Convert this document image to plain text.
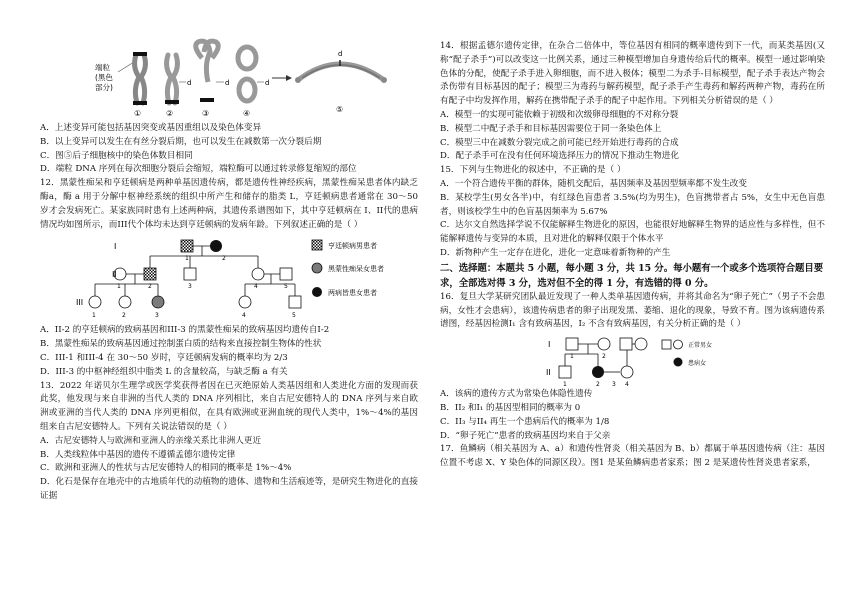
端粒
(黑色
部分)
①	②	③	④	⑤
d	d	d
d

A．上述变异可能包括基因突变或基因重组以及染色体变异

B．以上变异可以发生在有丝分裂后期，也可以发生在减数第一次分裂后期

C．图⑤后子细胞核中的染色体数目相同

D．端粒 DNA 序列在每次细胞分裂后会缩短，端粒酶可以通过转录修复缩短的部位

12．黑蒙性痴呆和亨廷顿病是两种单基因遗传病，都是遗传性神经疾病，黑蒙性痴呆患者体内缺乏酶a，酶 a 用于分解中枢神经系统的组织中所产生和储存的脂类 L，亨廷顿病患者通常在 30～50 岁才会发病死亡。某家族同时患有上述两种病，其遗传系谱图如下，其中亨廷顿病在 I、II代的患病情况均如图所示，而III代个体均未达到亨廷顿病的发病年龄。下列叙述正确的是（ ）

I
II
III
1	2
1	2	3	4	5
1	2	3	4	5
亨廷顿病男患者
黑蒙性痴呆女患者
两病皆患女患者

A．II-2 的亨廷顿病的致病基因和III-3 的黑蒙性痴呆的致病基因均遗传自I-2

B．黑蒙性痴呆的致病基因通过控制蛋白质的结构来直接控制生物体的性状

C．III-1 和III-4 在 30～50 岁时，亨廷顿病发病的概率均为 2/3

D．III-3 的中枢神经组织中脂类 L 的含量较高，与缺乏酶 a 有关

13．2022 年诺贝尔生理学或医学奖获得者因在已灭绝原始人类基因组和人类进化方面的发现而获此奖，他发现与来自非洲的当代人类的 DNA 序列相比，来自古尼安德特人的 DNA 序列与来自欧洲或亚洲的当代人类的 DNA 序列更相似，在具有欧洲或亚洲血统的现代人类中，1%～4%的基因组来自古尼安德特人。下列有关说法错误的是（ ）

A．古尼安德特人与欧洲和亚洲人的亲缘关系比非洲人更近

B．人类线粒体中基因的遗传不遵循孟德尔遗传定律

C．欧洲和亚洲人的性状与古尼安德特人的相同的概率是 1%～4%

D．化石是保存在地壳中的古地质年代的动植物的遗体、遗物和生活痕迹等，是研究生物进化的直接证据

14．根据孟德尔遗传定律，在杂合二倍体中，等位基因有相同的概率遗传到下一代，而某类基因(又称“配子杀手”)可以改变这一比例关系，通过三种模型增加自身遗传给后代的概率。模型一通过影响染色体的分配，使配子杀手进入卵细胞，而不进入极体；模型二为杀手-目标模型，配子杀手表达产物会杀伤带有目标基因的配子；模型三为毒药与解药模型，配子杀手产生毒药和解药两种产物，毒药在所有配子中均发挥作用，解药在携带配子杀手的配子中起作用。下列相关分析错误的是（ ）

A．模型一的实现可能依赖于初级和次级卵母细胞的不对称分裂

B．模型二中配子杀手和目标基因需要位于同一条染色体上

C．模型三中在减数分裂完成之前可能已经开始进行毒药的合成

D．配子杀手可在没有任何环境选择压力的情况下推动生物进化

15．下列与生物进化的叙述中，不正确的是（ ）

A．一个符合遗传平衡的群体，随机交配后，基因频率及基因型频率都不发生改变

B．某校学生(男女各半)中，有红绿色盲患者 3.5%(均为男生)，色盲携带者占 5%，女生中无色盲患者，则该校学生中的色盲基因频率为 5.67%

C．达尔文自然选择学说不仅能解释生物进化的原因，也能很好地解释生物界的适应性与多样性，但不能解释遗传与变异的本质，且对进化的解释仅限于个体水平

D．新物种产生一定存在进化，进化一定意味着新物种的产生

二、选择题：本题共 5 小题，每小题 3 分，共 15 分。每小题有一个或多个选项符合题目要求，全部选对得 3 分，选对但不全的得 1 分，有选错的得 0 分。

16．复旦大学某研究团队最近发现了一种人类单基因遗传病，并将其命名为“卵子死亡”（男子不会患病，女性才会患病），该遗传病患者的卵子出现发黑、萎缩、退化的现象，导致不育。图为该病遗传系谱图，经基因检测I₁ 含有致病基因，I₂ 不含有致病基因，有关分析正确的是（ ）

I
II
1	2
1	2 3 4
正常男女
患病女

A．该病的遗传方式为常染色体隐性遗传

B．II₂ 和I₁ 的基因型相同的概率为 0

C．II₃ 与II₄ 再生一个患病后代的概率为 1/8

D．“卵子死亡”患者的致病基因均来自于父亲

17．鱼鳞病（相关基因为 A、a）和遗传性肾炎（相关基因为 B、b）都属于单基因遗传病（注：基因位置不考虑 X、Y 染色体的同源区段）。图1 是某鱼鳞病患者家系；图 2 是某遗传性肾炎患者家系，
